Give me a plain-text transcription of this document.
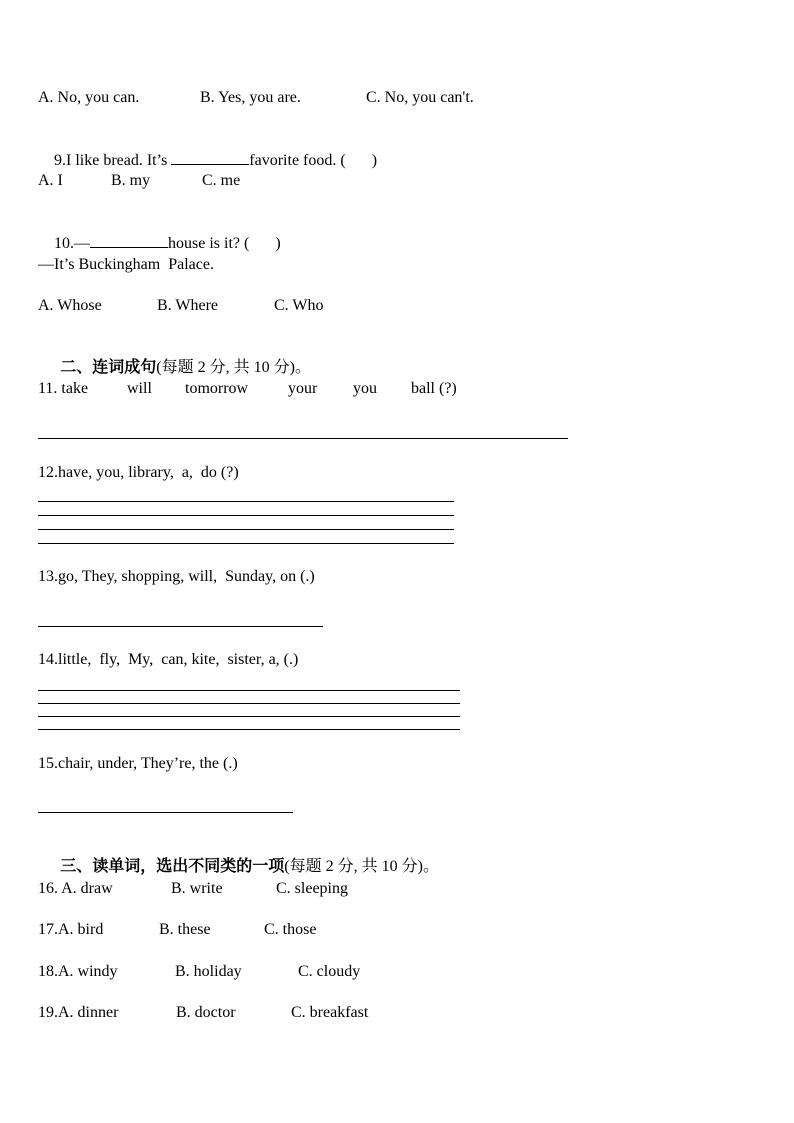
A. No, you can.	B. Yes, you are.	C. No, you can't.

9.I like bread. It’s	favorite food. ( )

A. I	B. my	C. me

10.—	house is it? ( )

—It’s Buckingham  Palace.
A. Whose	B. Where	C. Who

二、连词成句(每题 2 分, 共 10 分)。

11. take will tomorrow your you ball (?)
12.have, you, library,  a,  do (?)
13.go, They, shopping, will,  Sunday, on (.)
14.little,  fly,  My,  can, kite,  sister, a, (.)
15.chair, under, They’re, the (.)

三、读单词，选出不同类的一项(每题 2 分, 共 10 分)。

16. A. draw	B. write	C. sleeping
17.A. bird	B. these	C. those
18.A. windy	B. holiday	C. cloudy
19.A. dinner	B. doctor	C. breakfast
